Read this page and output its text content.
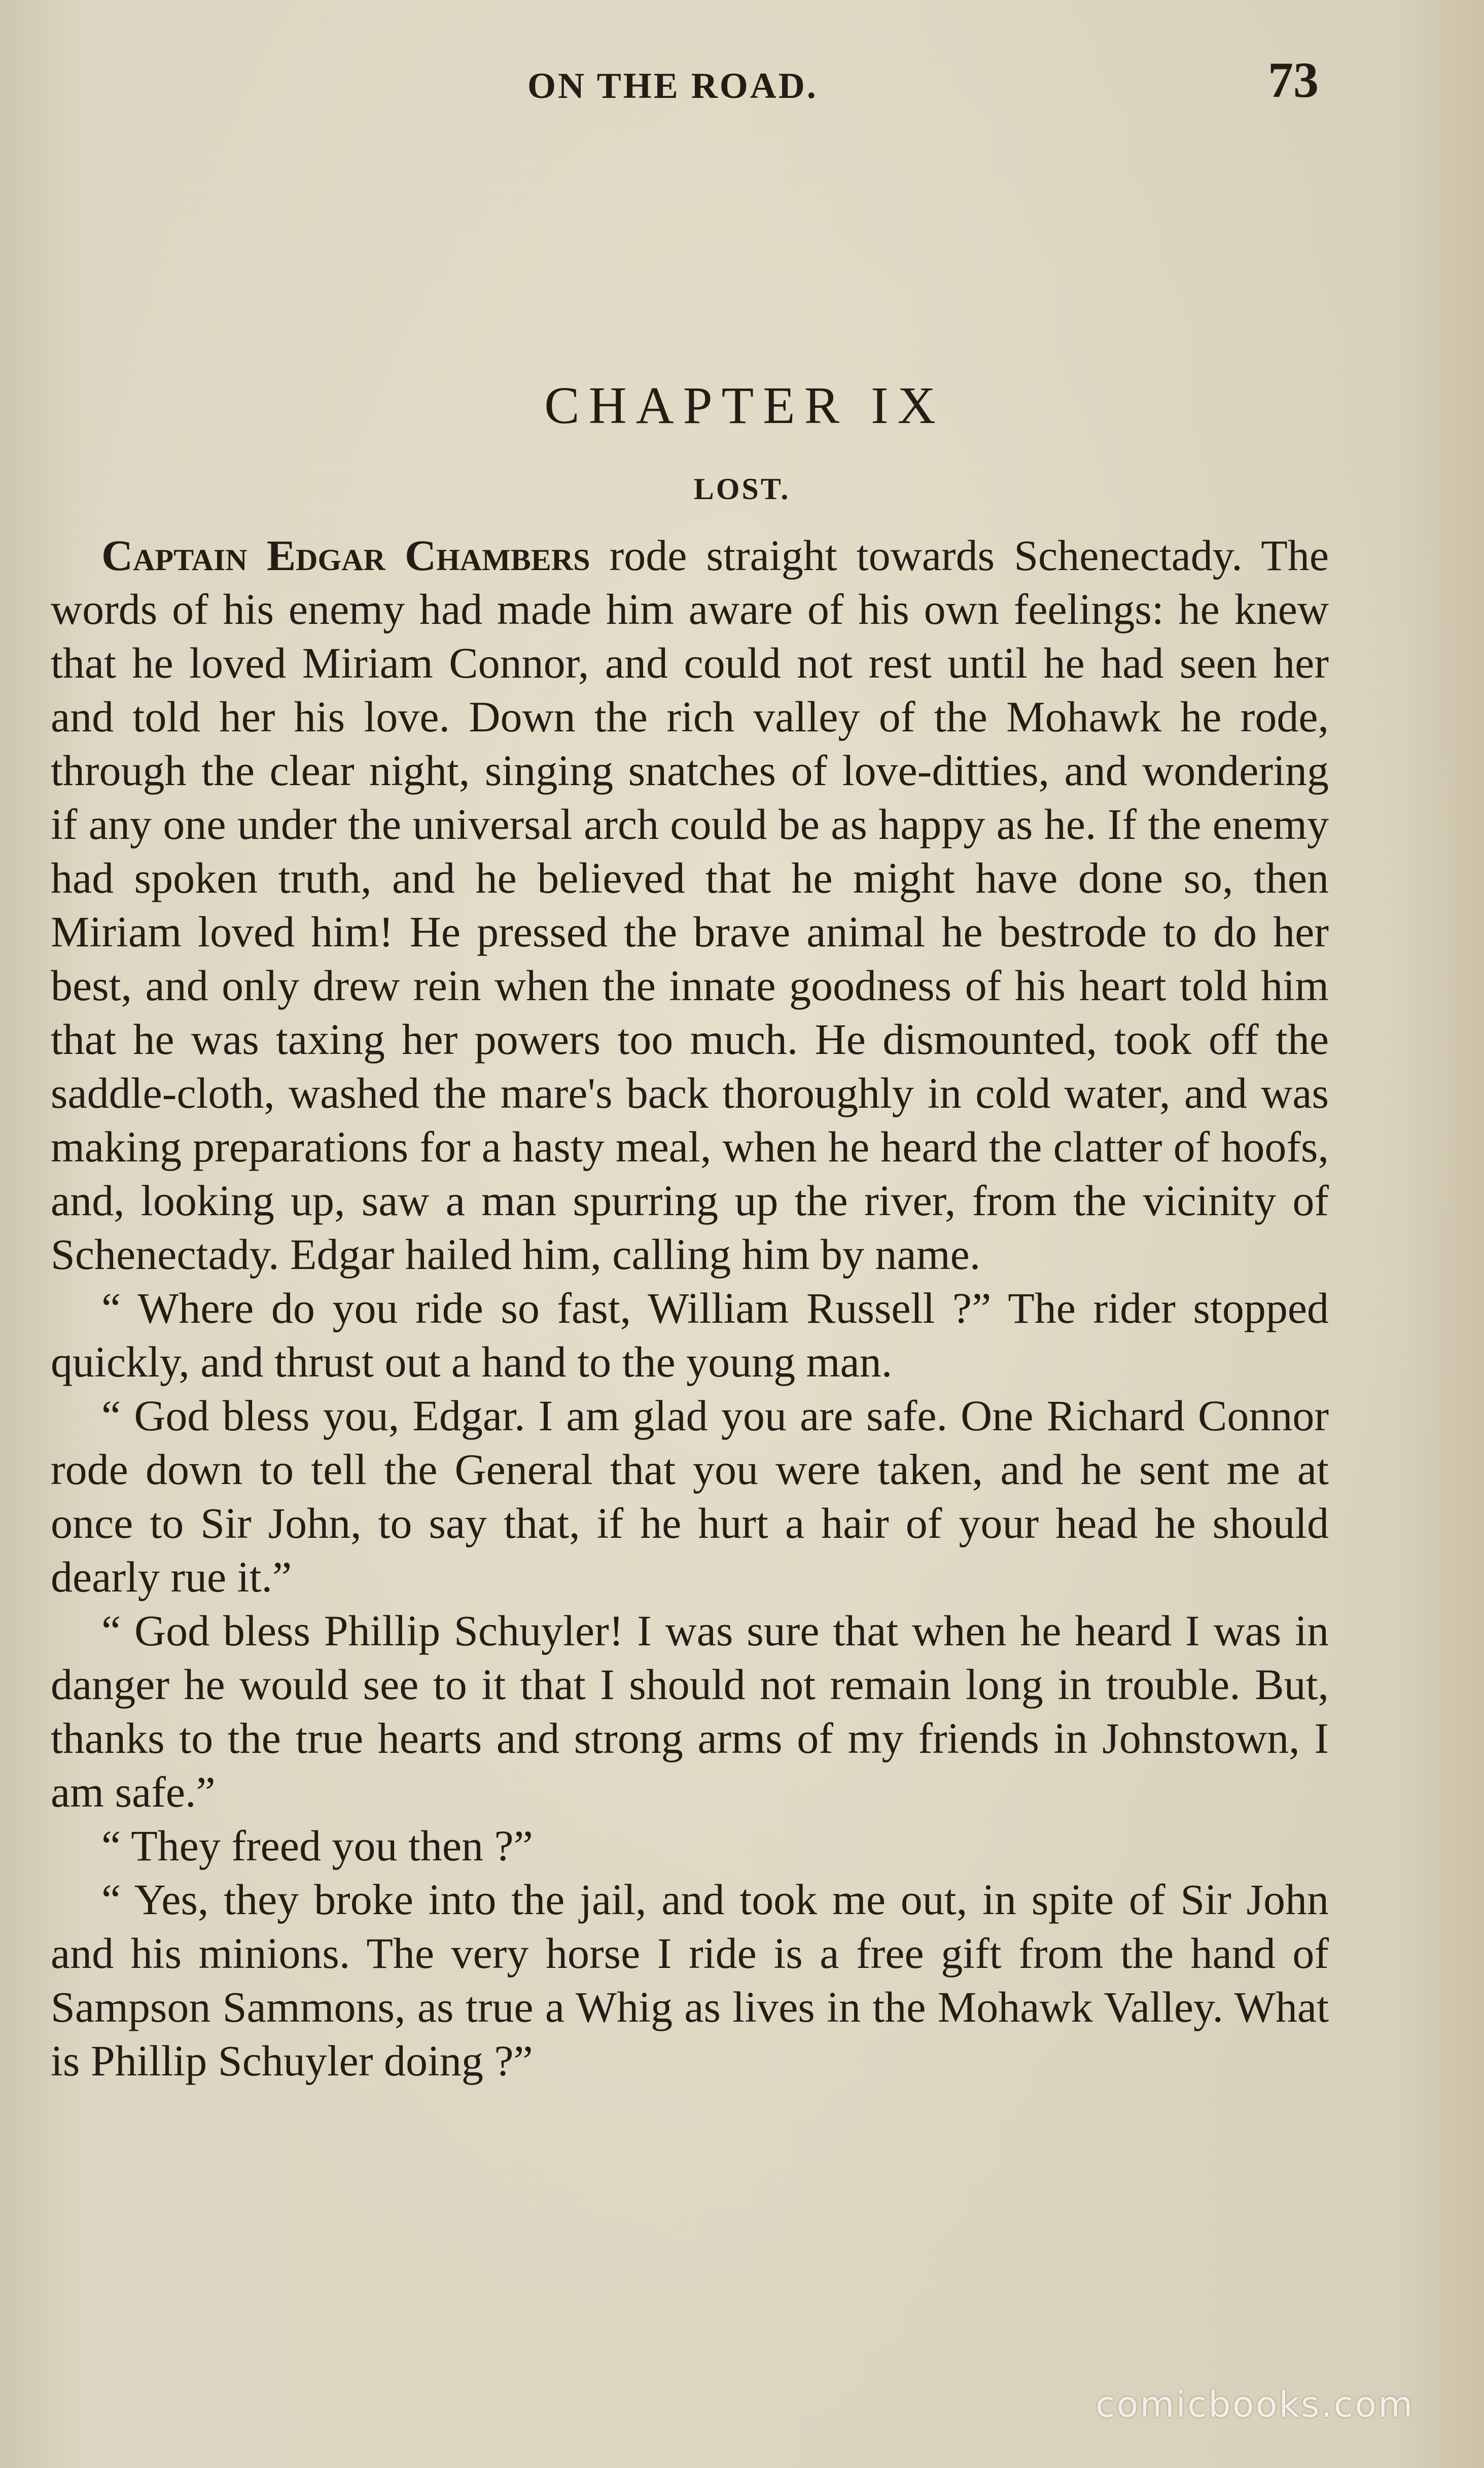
ON THE ROAD.	73
CHAPTER IX
LOST.

Captain Edgar Chambers rode straight towards Schenectady. The words of his enemy had made him aware of his own feelings: he knew that he loved Miriam Connor, and could not rest until he had seen her and told her his love. Down the rich valley of the Mohawk he rode, through the clear night, singing snatches of love-ditties, and wondering if any one under the universal arch could be as happy as he. If the enemy had spoken truth, and he believed that he might have done so, then Miriam loved him! He pressed the brave animal he bestrode to do her best, and only drew rein when the innate goodness of his heart told him that he was taxing her powers too much. He dismounted, took off the saddle-cloth, washed the mare's back thoroughly in cold water, and was making preparations for a hasty meal, when he heard the clatter of hoofs, and, looking up, saw a man spurring up the river, from the vicinity of Schenectady. Edgar hailed him, calling him by name.

“ Where do you ride so fast, William Russell ?” The rider stopped quickly, and thrust out a hand to the young man.

“ God bless you, Edgar. I am glad you are safe. One Richard Connor rode down to tell the General that you were taken, and he sent me at once to Sir John, to say that, if he hurt a hair of your head he should dearly rue it.”

“ God bless Phillip Schuyler! I was sure that when he heard I was in danger he would see to it that I should not remain long in trouble. But, thanks to the true hearts and strong arms of my friends in Johnstown, I am safe.”

“ They freed you then ?”

“ Yes, they broke into the jail, and took me out, in spite of Sir John and his minions. The very horse I ride is a free gift from the hand of Sampson Sammons, as true a Whig as lives in the Mohawk Valley. What is Phillip Schuyler doing ?”

comicbooks.com
